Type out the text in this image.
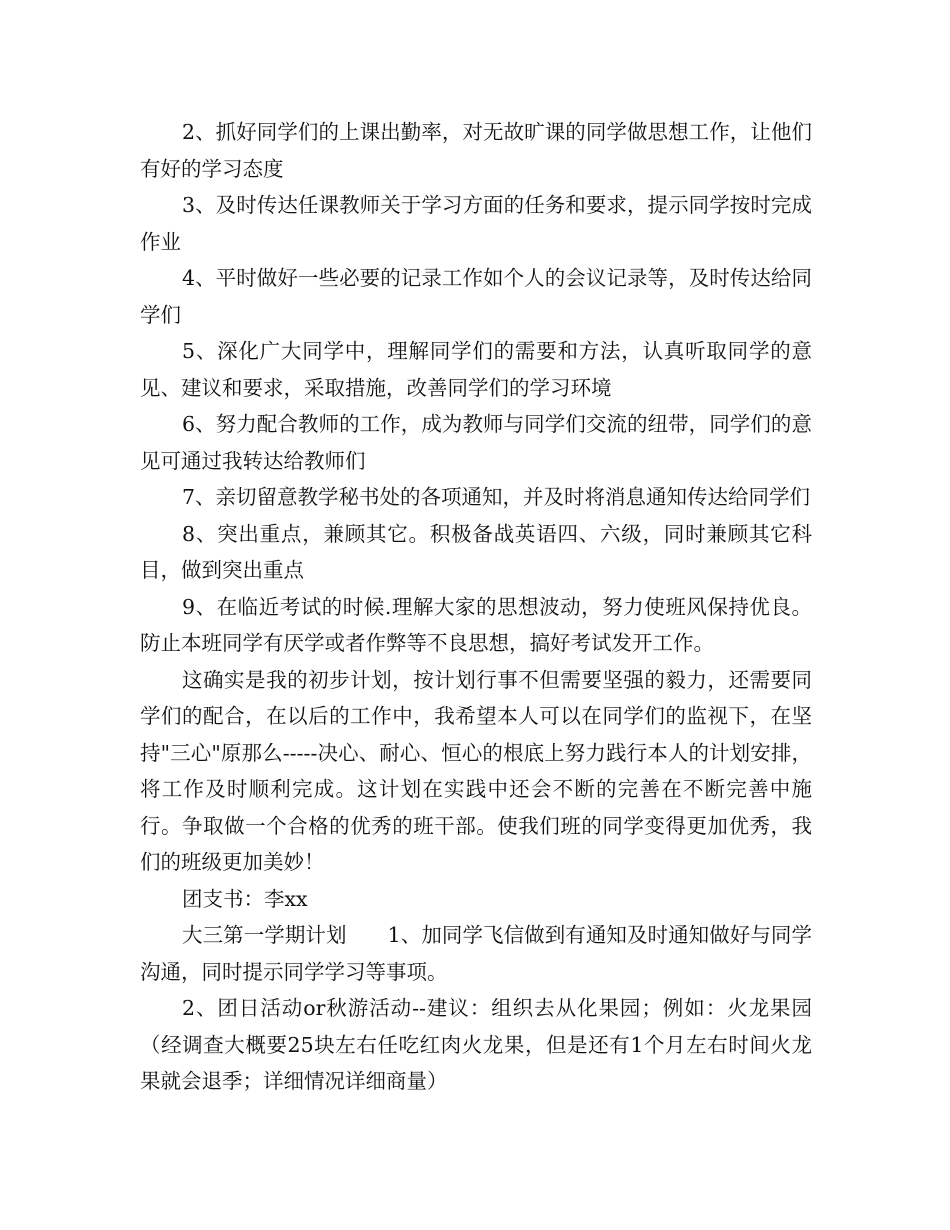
2、抓好同学们的上课出勤率，对无故旷课的同学做思想工作，让他们有好的学习态度

3、及时传达任课教师关于学习方面的任务和要求，提示同学按时完成作业

4、平时做好一些必要的记录工作如个人的会议记录等，及时传达给同学们

5、深化广大同学中，理解同学们的需要和方法，认真听取同学的意见、建议和要求，采取措施，改善同学们的学习环境

6、努力配合教师的工作，成为教师与同学们交流的纽带，同学们的意见可通过我转达给教师们

7、亲切留意教学秘书处的各项通知，并及时将消息通知传达给同学们

8、突出重点，兼顾其它。积极备战英语四、六级，同时兼顾其它科目，做到突出重点

9、在临近考试的时候.理解大家的思想波动，努力使班风保持优良。防止本班同学有厌学或者作弊等不良思想，搞好考试发开工作。

这确实是我的初步计划，按计划行事不但需要坚强的毅力，还需要同学们的配合，在以后的工作中，我希望本人可以在同学们的监视下，在坚持"三心"原那么-----决心、耐心、恒心的根底上努力践行本人的计划安排，将工作及时顺利完成。这计划在实践中还会不断的完善在不断完善中施行。争取做一个合格的优秀的班干部。使我们班的同学变得更加优秀，我们的班级更加美妙！

团支书：李xx

大三第一学期计划　　1、加同学飞信做到有通知及时通知做好与同学沟通，同时提示同学学习等事项。

2、团日活动or秋游活动--建议：组织去从化果园；例如：火龙果园（经调查大概要25块左右任吃红肉火龙果，但是还有1个月左右时间火龙果就会退季；详细情况详细商量）
